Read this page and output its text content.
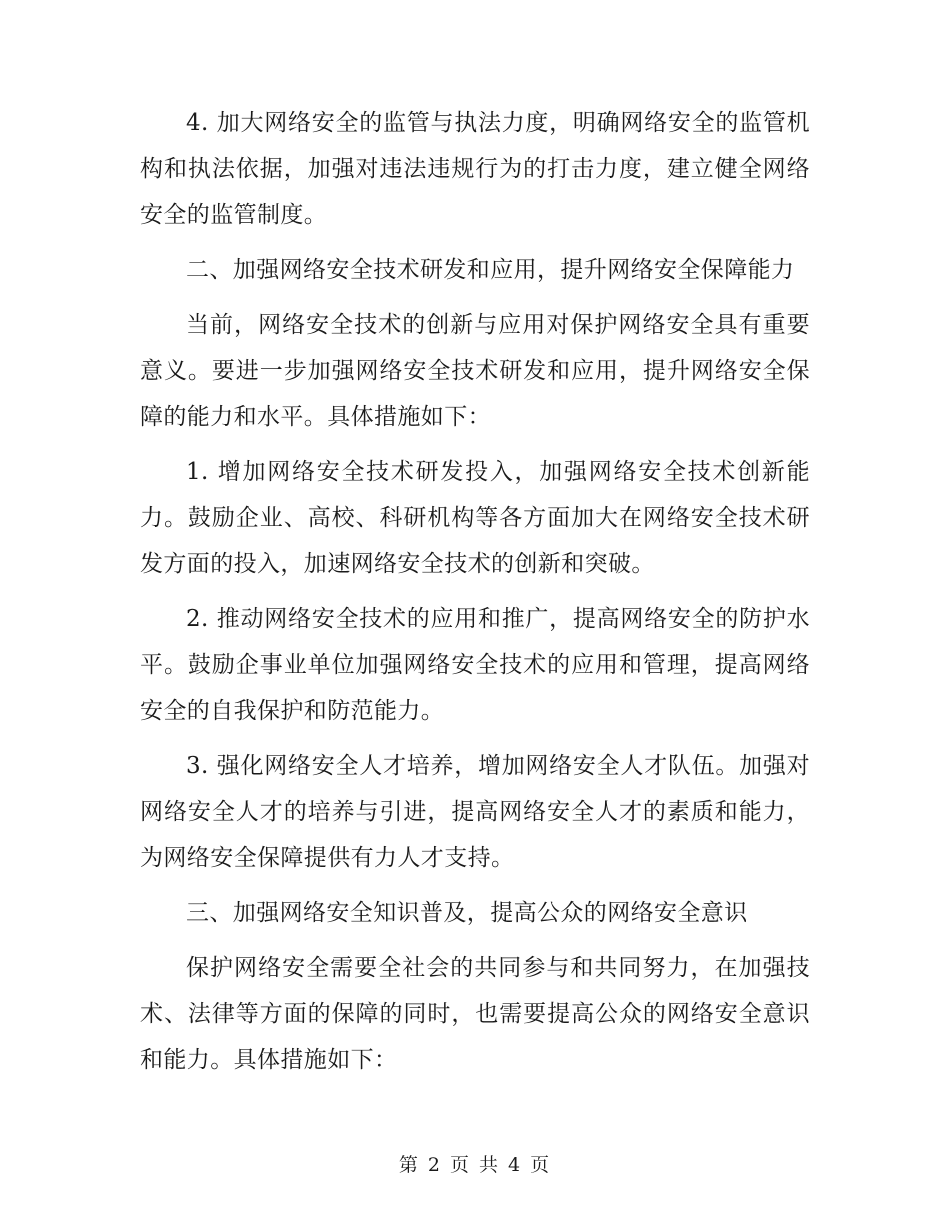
4. 加大网络安全的监管与执法力度，明确网络安全的监管机构和执法依据，加强对违法违规行为的打击力度，建立健全网络安全的监管制度。

二、加强网络安全技术研发和应用，提升网络安全保障能力

当前，网络安全技术的创新与应用对保护网络安全具有重要意义。要进一步加强网络安全技术研发和应用，提升网络安全保障的能力和水平。具体措施如下：

1. 增加网络安全技术研发投入，加强网络安全技术创新能力。鼓励企业、高校、科研机构等各方面加大在网络安全技术研发方面的投入，加速网络安全技术的创新和突破。

2. 推动网络安全技术的应用和推广，提高网络安全的防护水平。鼓励企事业单位加强网络安全技术的应用和管理，提高网络安全的自我保护和防范能力。

3. 强化网络安全人才培养，增加网络安全人才队伍。加强对网络安全人才的培养与引进，提高网络安全人才的素质和能力，为网络安全保障提供有力人才支持。

三、加强网络安全知识普及，提高公众的网络安全意识

保护网络安全需要全社会的共同参与和共同努力，在加强技术、法律等方面的保障的同时，也需要提高公众的网络安全意识和能力。具体措施如下：

第 2 页 共 4 页
